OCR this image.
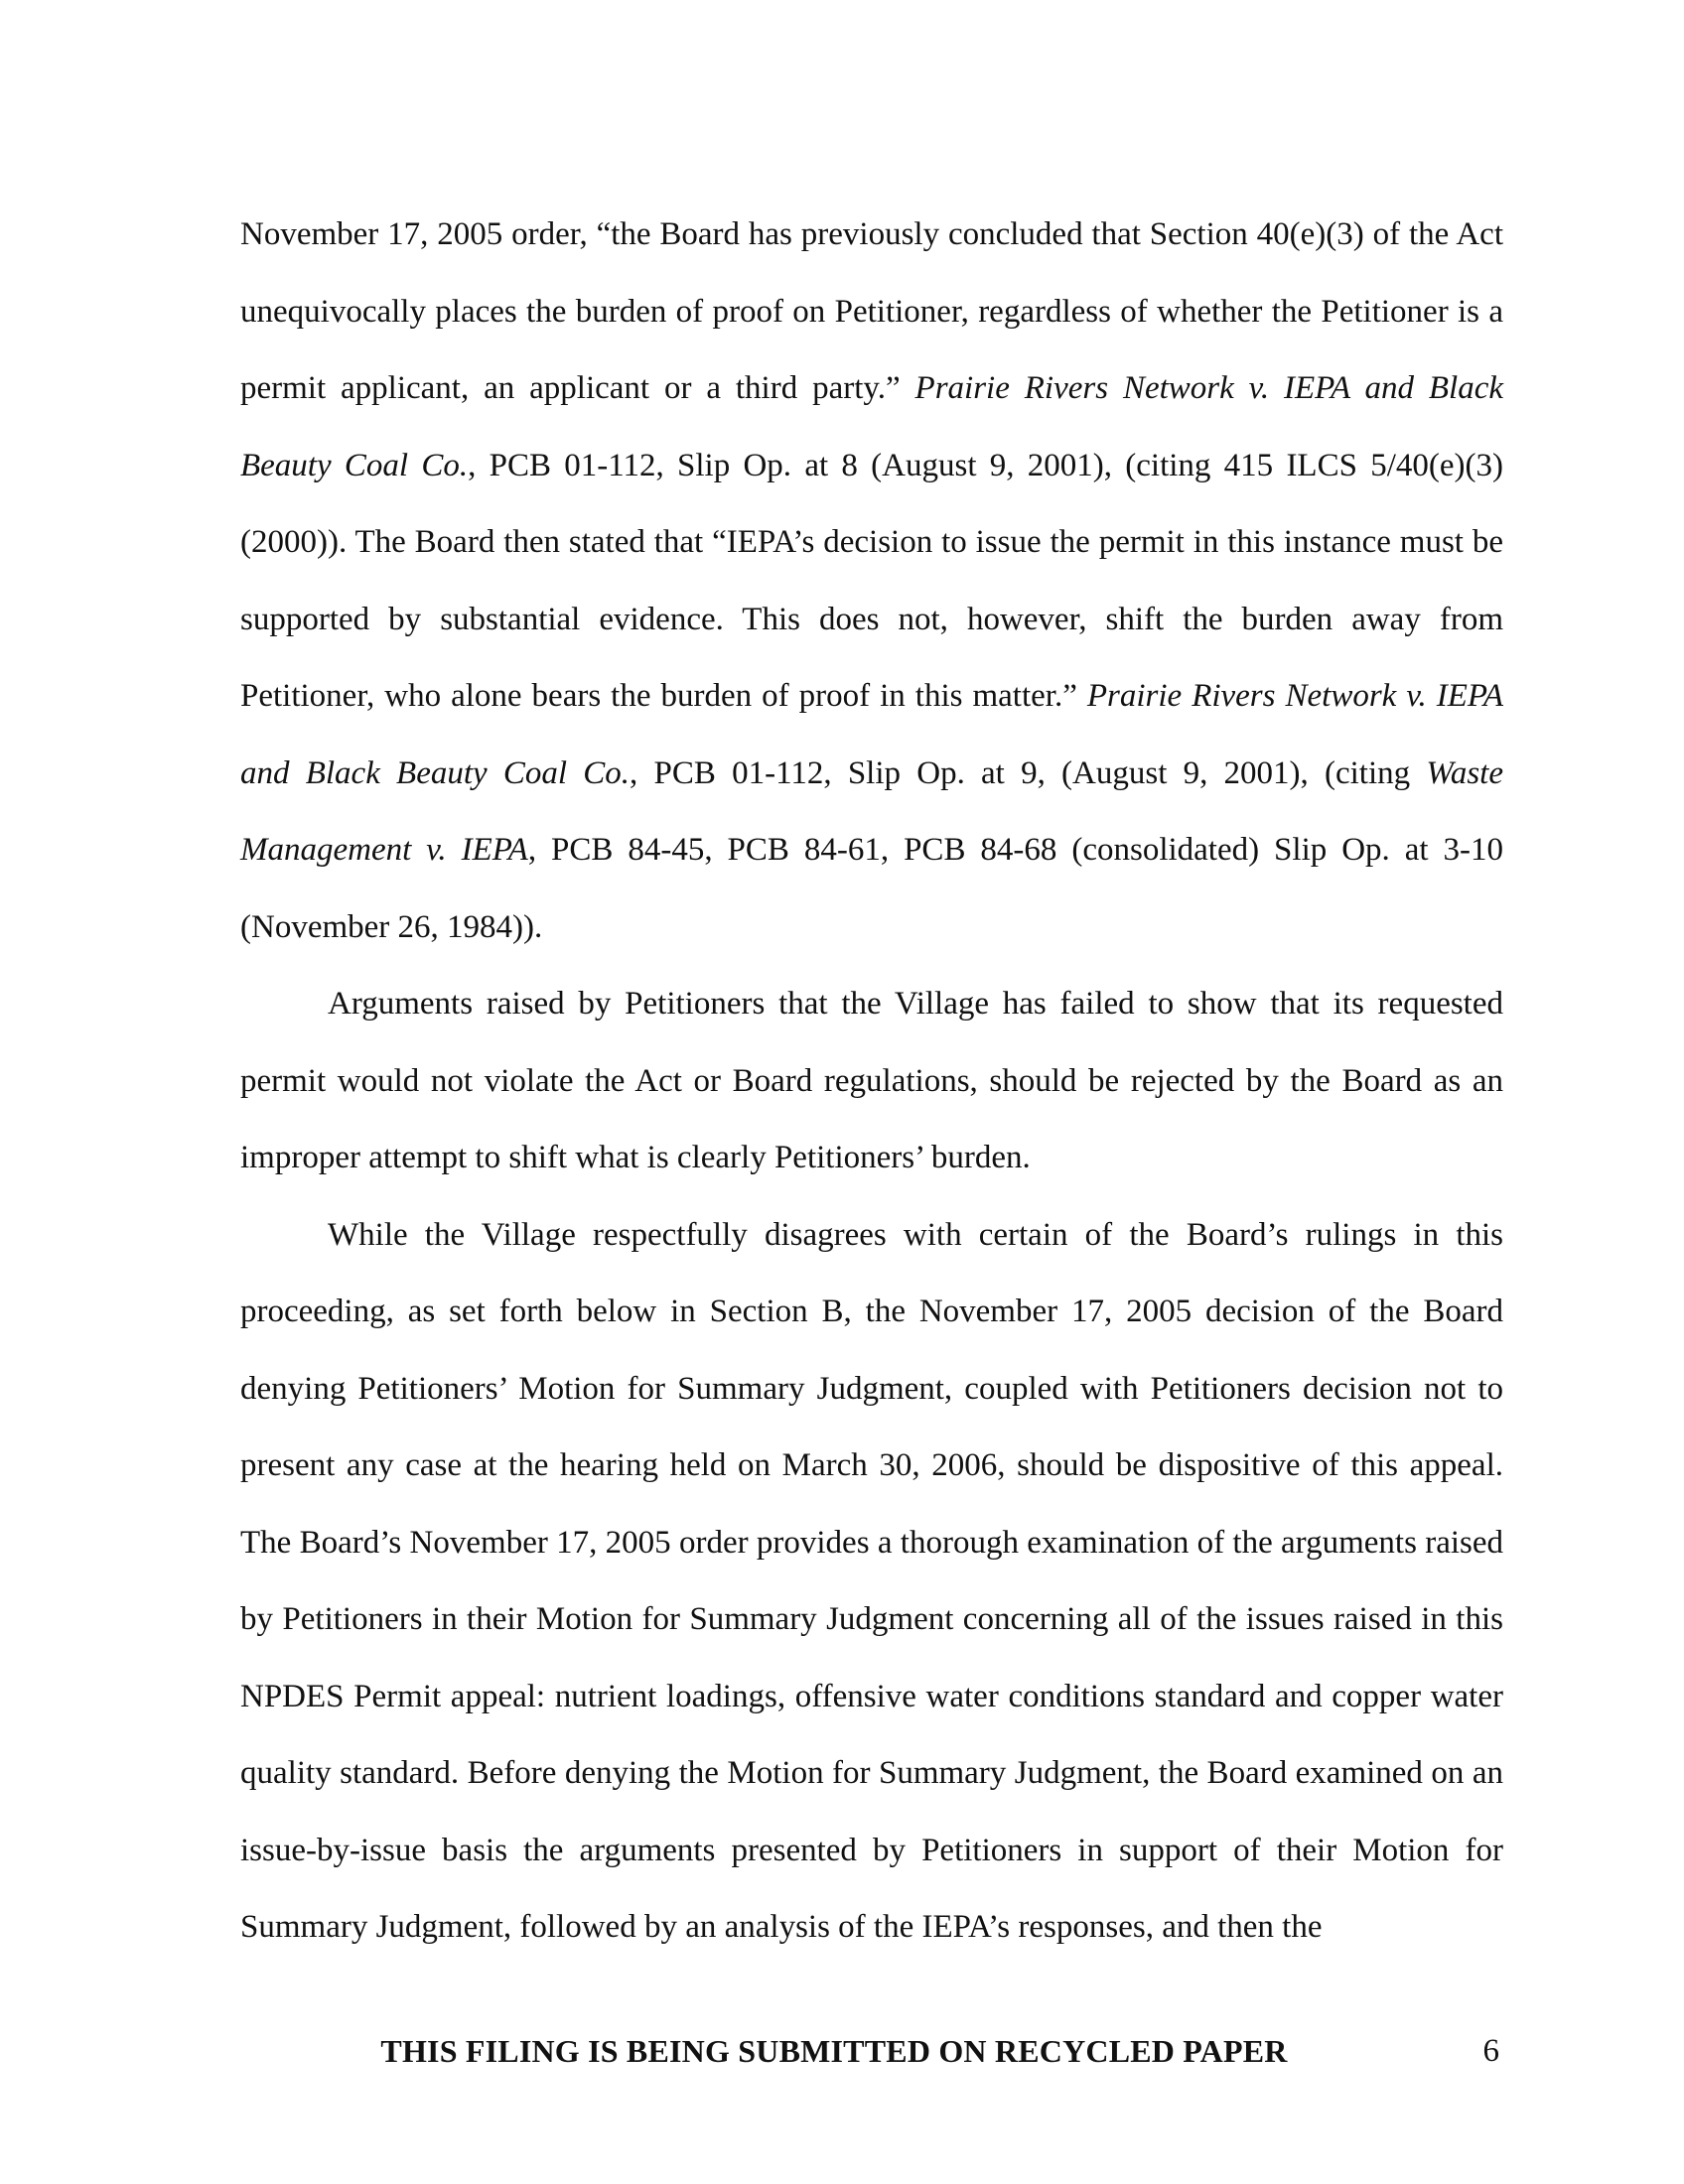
November 17, 2005 order, “the Board has previously concluded that Section 40(e)(3) of the Act unequivocally places the burden of proof on Petitioner, regardless of whether the Petitioner is a permit applicant, an applicant or a third party.” Prairie Rivers Network v. IEPA and Black Beauty Coal Co., PCB 01-112, Slip Op. at 8 (August 9, 2001), (citing 415 ILCS 5/40(e)(3) (2000)). The Board then stated that “IEPA’s decision to issue the permit in this instance must be supported by substantial evidence. This does not, however, shift the burden away from Petitioner, who alone bears the burden of proof in this matter.” Prairie Rivers Network v. IEPA and Black Beauty Coal Co., PCB 01-112, Slip Op. at 9, (August 9, 2001), (citing Waste Management v. IEPA, PCB 84-45, PCB 84-61, PCB 84-68 (consolidated) Slip Op. at 3-10 (November 26, 1984)).

Arguments raised by Petitioners that the Village has failed to show that its requested permit would not violate the Act or Board regulations, should be rejected by the Board as an improper attempt to shift what is clearly Petitioners’ burden.

While the Village respectfully disagrees with certain of the Board’s rulings in this proceeding, as set forth below in Section B, the November 17, 2005 decision of the Board denying Petitioners’ Motion for Summary Judgment, coupled with Petitioners decision not to present any case at the hearing held on March 30, 2006, should be dispositive of this appeal. The Board’s November 17, 2005 order provides a thorough examination of the arguments raised by Petitioners in their Motion for Summary Judgment concerning all of the issues raised in this NPDES Permit appeal: nutrient loadings, offensive water conditions standard and copper water quality standard. Before denying the Motion for Summary Judgment, the Board examined on an issue-by-issue basis the arguments presented by Petitioners in support of their Motion for Summary Judgment, followed by an analysis of the IEPA’s responses, and then the

THIS FILING IS BEING SUBMITTED ON RECYCLED PAPER	6
